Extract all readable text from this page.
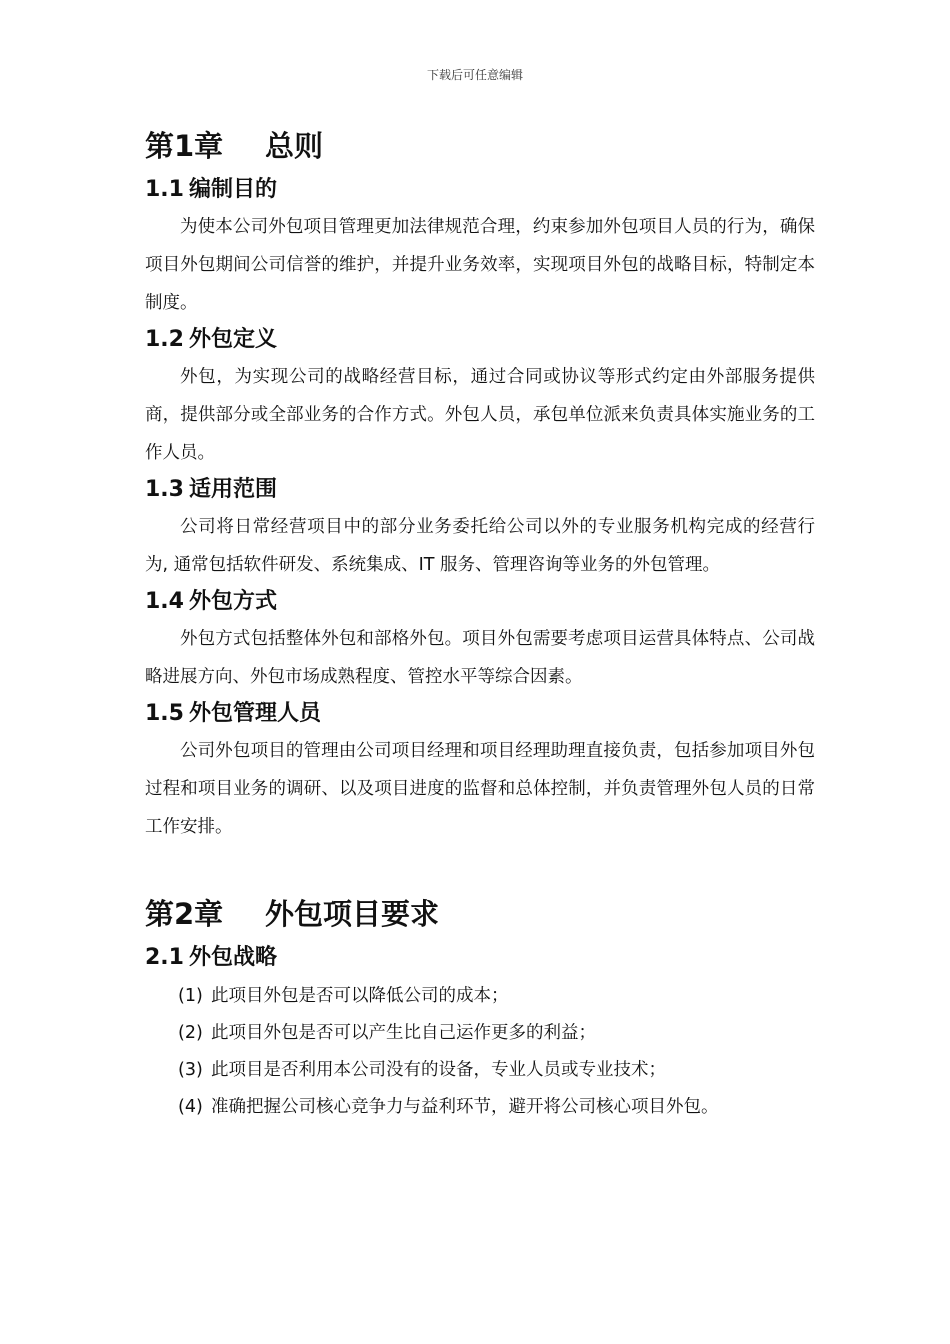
下载后可任意编辑
第1章 总则
1.1 编制目的

为使本公司外包项目管理更加法律规范合理，约束参加外包项目人员的行为，确保项目外包期间公司信誉的维护，并提升业务效率，实现项目外包的战略目标，特制定本制度。

1.2 外包定义

外包，为实现公司的战略经营目标，通过合同或协议等形式约定由外部服务提供商，提供部分或全部业务的合作方式。外包人员，承包单位派来负责具体实施业务的工作人员。

1.3 适用范围

公司将日常经营项目中的部分业务委托给公司以外的专业服务机构完成的经营行为, 通常包括软件研发、系统集成、IT 服务、管理咨询等业务的外包管理。

1.4 外包方式

外包方式包括整体外包和部格外包。项目外包需要考虑项目运营具体特点、公司战略进展方向、外包市场成熟程度、管控水平等综合因素。

1.5 外包管理人员

公司外包项目的管理由公司项目经理和项目经理助理直接负责，包括参加项目外包过程和项目业务的调研、以及项目进度的监督和总体控制，并负责管理外包人员的日常工作安排。

第2章 外包项目要求
2.1 外包战略
(1) 此项目外包是否可以降低公司的成本；
(2) 此项目外包是否可以产生比自己运作更多的利益；
(3) 此项目是否利用本公司没有的设备，专业人员或专业技术；
(4) 准确把握公司核心竞争力与益利环节，避开将公司核心项目外包。
